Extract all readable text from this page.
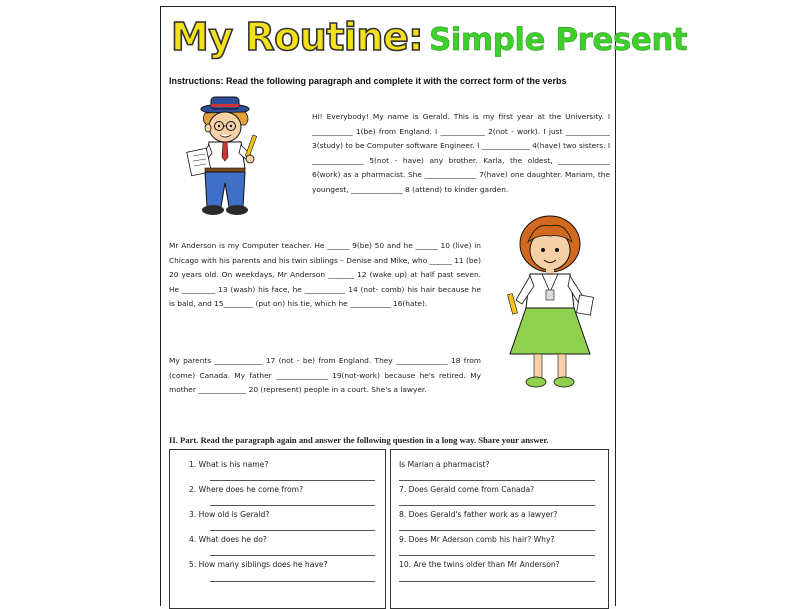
My Routine: Simple Present
Instructions: Read the following paragraph and complete it with the correct form of the verbs
Hi! Everybody! My name is Gerald. This is my first year at the University. I ___________ 1(be) from England. I ____________ 2(not - work). I just ____________ 3(study) to be Computer software Engineer. I _____________ 4(have) two sisters. I ______________ 5(not - have) any brother. Karla, the oldest, ______________ 6(work) as a pharmacist. She ______________ 7(have) one daughter. Mariam, the youngest, ______________ 8 (attend) to kinder garden.
Mr Anderson is my Computer teacher. He ______ 9(be) 50 and he ______ 10 (live) in Chicago with his parents and his twin siblings – Denise and Mike, who ______ 11 (be) 20 years old. On weekdays, Mr Anderson _______ 12 (wake up) at half past seven. He _________ 13 (wash) his face, he ___________ 14 (not- comb) his hair because he is bald, and 15________ (put on) his tie, which he ___________ 16(hate).
My parents _____________ 17 (not - be) from England. They ______________ 18 from (come) Canada. My father ______________ 19(not-work) because he's retired. My mother _____________ 20 (represent) people in a court. She's a lawyer.
II. Part. Read the paragraph again and answer the following question in a long way. Share your answer.
1. What is his name?
2. Where does he come from?
3. How old is Gerald?
4. What does he do?
5. How many siblings does he have?
Is Marian a pharmacist?
7. Does Gerald come from Canada?
8. Does Gerald's father work as a lawyer?
9. Does Mr Aderson comb his hair? Why?
10. Are the twins older than Mr Anderson?
